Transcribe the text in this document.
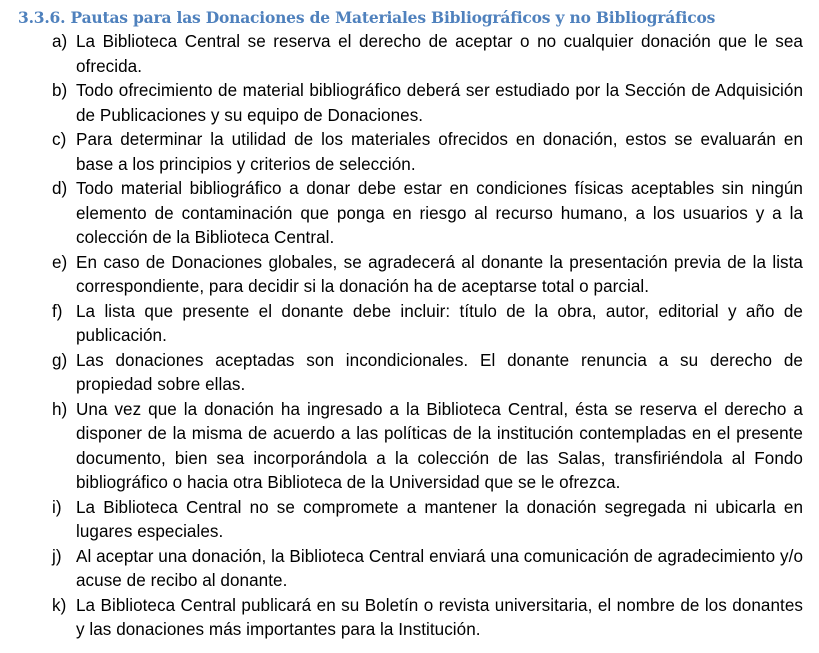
3.3.6. Pautas para las Donaciones de Materiales Bibliográficos y no Bibliográficos
a) La Biblioteca Central se reserva el derecho de aceptar o no cualquier donación que le sea ofrecida.
b) Todo ofrecimiento de material bibliográfico deberá ser estudiado por la Sección de Adquisición de Publicaciones y su equipo de Donaciones.
c) Para determinar la utilidad de los materiales ofrecidos en donación, estos se evaluarán en base a los principios y criterios de selección.
d) Todo material bibliográfico a donar debe estar en condiciones físicas aceptables sin ningún elemento de contaminación que ponga en riesgo al recurso humano, a los usuarios y a la colección de la Biblioteca Central.
e) En caso de Donaciones globales, se agradecerá al donante la presentación previa de la lista correspondiente, para decidir si la donación ha de aceptarse total o parcial.
f) La lista que presente el donante debe incluir: título de la obra, autor, editorial y año de publicación.
g) Las donaciones aceptadas son incondicionales. El donante renuncia a su derecho de propiedad sobre ellas.
h) Una vez que la donación ha ingresado a la Biblioteca Central, ésta se reserva el derecho a disponer de la misma de acuerdo a las políticas de la institución contempladas en el presente documento, bien sea incorporándola a la colección de las Salas, transfiriéndola al Fondo bibliográfico o hacia otra Biblioteca de la Universidad que se le ofrezca.
i) La Biblioteca Central no se compromete a mantener la donación segregada ni ubicarla en lugares especiales.
j) Al aceptar una donación, la Biblioteca Central enviará una comunicación de agradecimiento y/o acuse de recibo al donante.
k) La Biblioteca Central publicará en su Boletín o revista universitaria, el nombre de los donantes y las donaciones más importantes para la Institución.
